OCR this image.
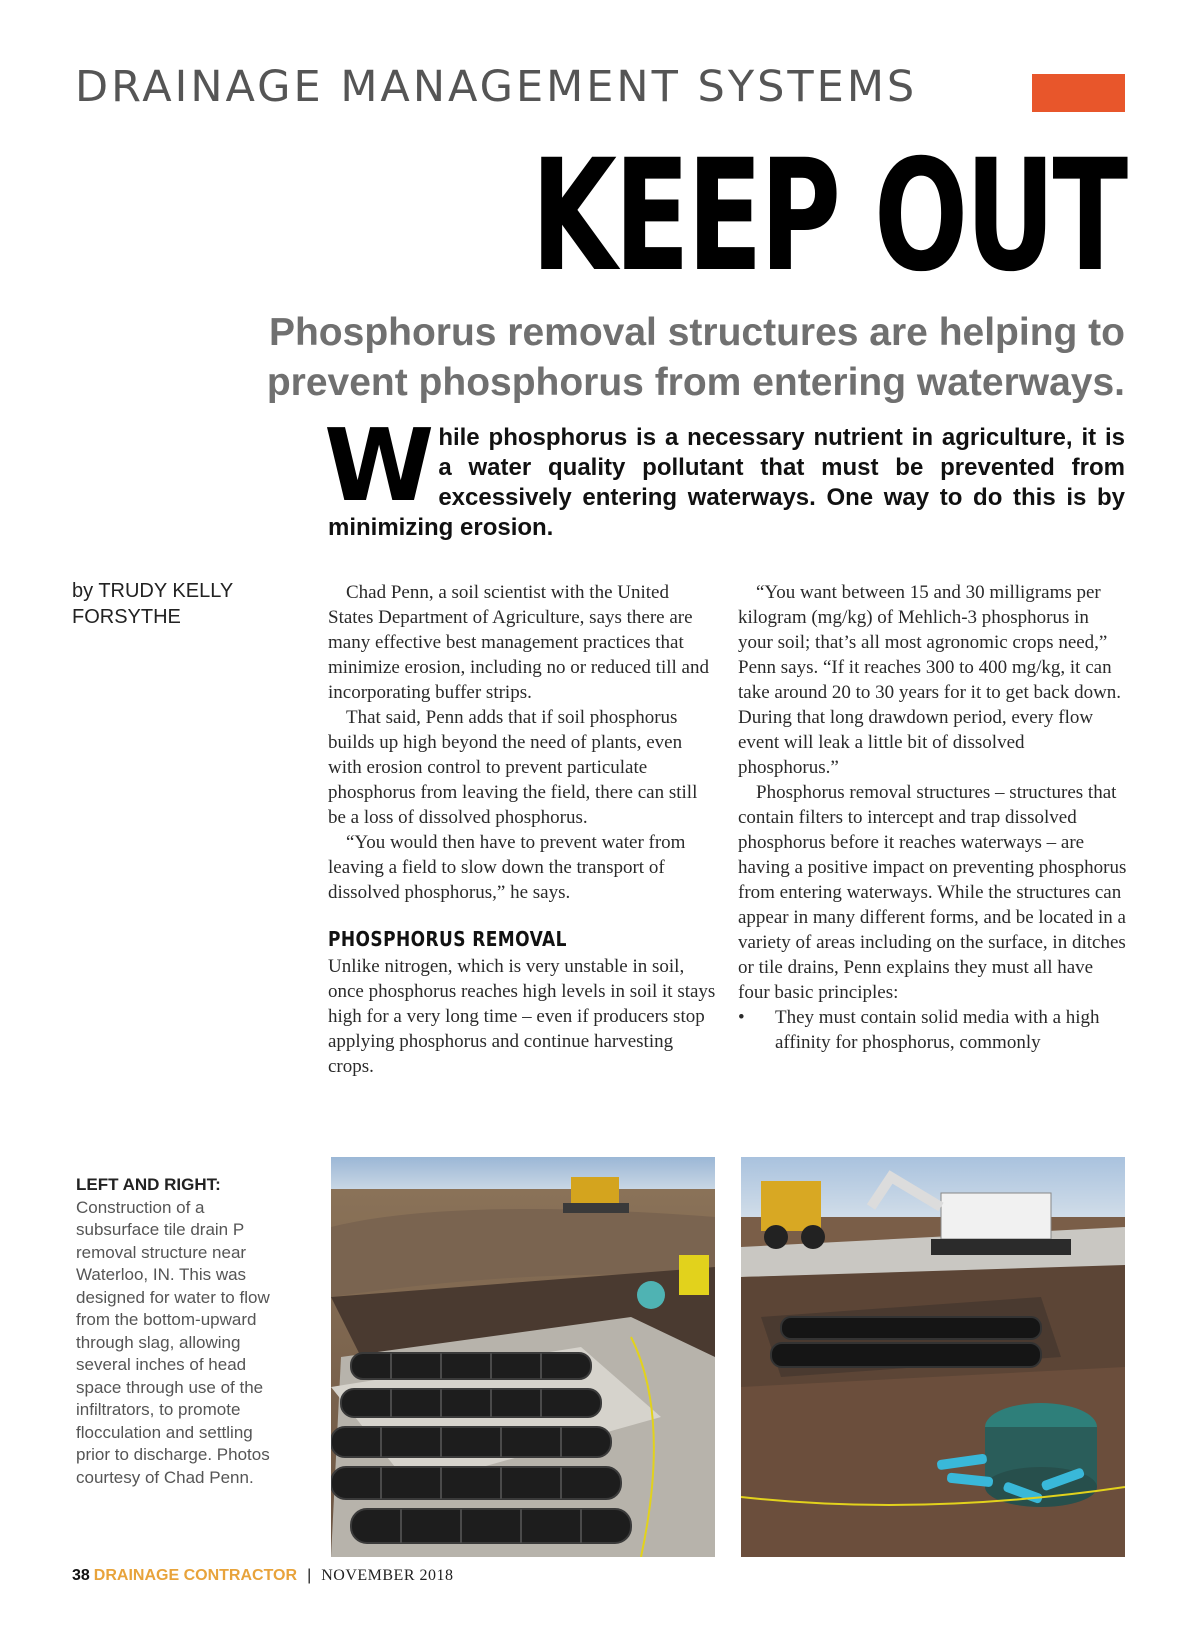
DRAINAGE MANAGEMENT SYSTEMS
KEEP OUT
Phosphorus removal structures are helping to prevent phosphorus from entering waterways.
While phosphorus is a necessary nutrient in agriculture, it is a water quality pollutant that must be prevented from excessively entering waterways. One way to do this is by minimizing erosion.
by TRUDY KELLY FORSYTHE

Chad Penn, a soil scientist with the United States Department of Agriculture, says there are many effective best management practices that minimize erosion, including no or reduced till and incorporating buffer strips.

That said, Penn adds that if soil phosphorus builds up high beyond the need of plants, even with erosion control to prevent particulate phosphorus from leaving the field, there can still be a loss of dissolved phosphorus.

“You would then have to prevent water from leaving a field to slow down the transport of dissolved phosphorus,” he says.

PHOSPHORUS REMOVAL

Unlike nitrogen, which is very unstable in soil, once phosphorus reaches high levels in soil it stays high for a very long time – even if producers stop applying phosphorus and continue harvesting crops.

“You want between 15 and 30 milligrams per kilogram (mg/kg) of Mehlich-3 phosphorus in your soil; that’s all most agronomic crops need,” Penn says. “If it reaches 300 to 400 mg/kg, it can take around 20 to 30 years for it to get back down. During that long drawdown period, every flow event will leak a little bit of dissolved phosphorus.”

Phosphorus removal structures – structures that contain filters to intercept and trap dissolved phosphorus before it reaches waterways – are having a positive impact on preventing phosphorus from entering waterways. While the structures can appear in many different forms, and be located in a variety of areas including on the surface, in ditches or tile drains, Penn explains they must all have four basic principles:

• They must contain solid media with a high affinity for phosphorus, commonly

LEFT AND RIGHT:
Construction of a subsurface tile drain P removal structure near Waterloo, IN. This was designed for water to flow from the bottom-upward through slag, allowing several inches of head space through use of the infiltrators, to promote flocculation and settling prior to discharge. Photos courtesy of Chad Penn.
38 DRAINAGE CONTRACTOR | NOVEMBER 2018
